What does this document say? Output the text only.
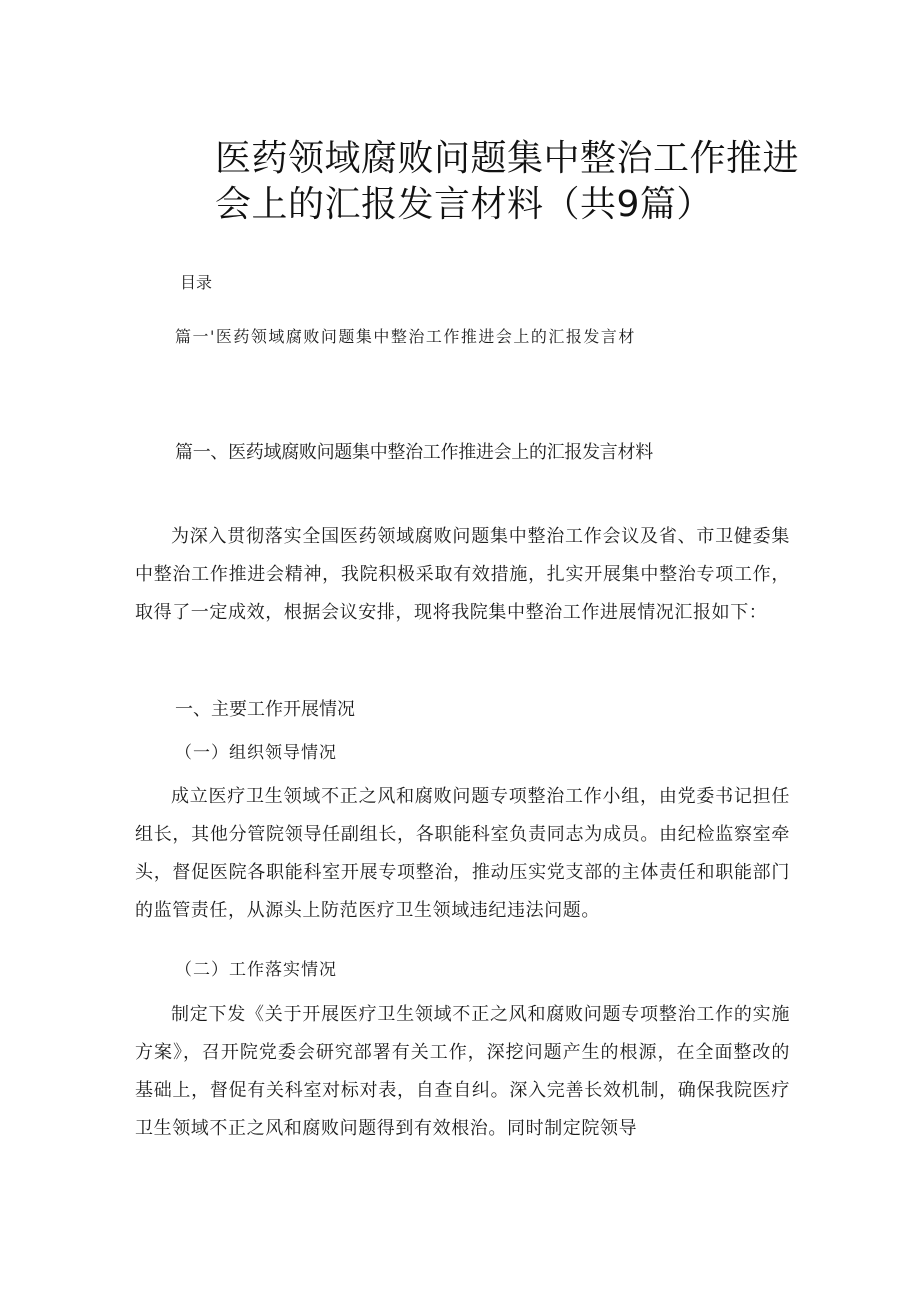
医药领域腐败问题集中整治工作推进
会上的汇报发言材料（共9篇）
目录
篇一'医药领域腐败问题集中整治工作推进会上的汇报发言材
篇一、医药域腐败问题集中整治工作推进会上的汇报发言材料

为深入贯彻落实全国医药领域腐败问题集中整治工作会议及省、市卫健委集中整治工作推进会精神，我院积极采取有效措施，扎实开展集中整治专项工作，取得了一定成效，根据会议安排，现将我院集中整治工作进展情况汇报如下：

一、主要工作开展情况
（一）组织领导情况

成立医疗卫生领域不正之风和腐败问题专项整治工作小组，由党委书记担任组长，其他分管院领导任副组长，各职能科室负责同志为成员。由纪检监察室牵头，督促医院各职能科室开展专项整治，推动压实党支部的主体责任和职能部门的监管责任，从源头上防范医疗卫生领域违纪违法问题。

（二）工作落实情况

制定下发《关于开展医疗卫生领域不正之风和腐败问题专项整治工作的实施方案》，召开院党委会研究部署有关工作，深挖问题产生的根源，在全面整改的基础上，督促有关科室对标对表，自查自纠。深入完善长效机制，确保我院医疗卫生领域不正之风和腐败问题得到有效根治。同时制定院领导
